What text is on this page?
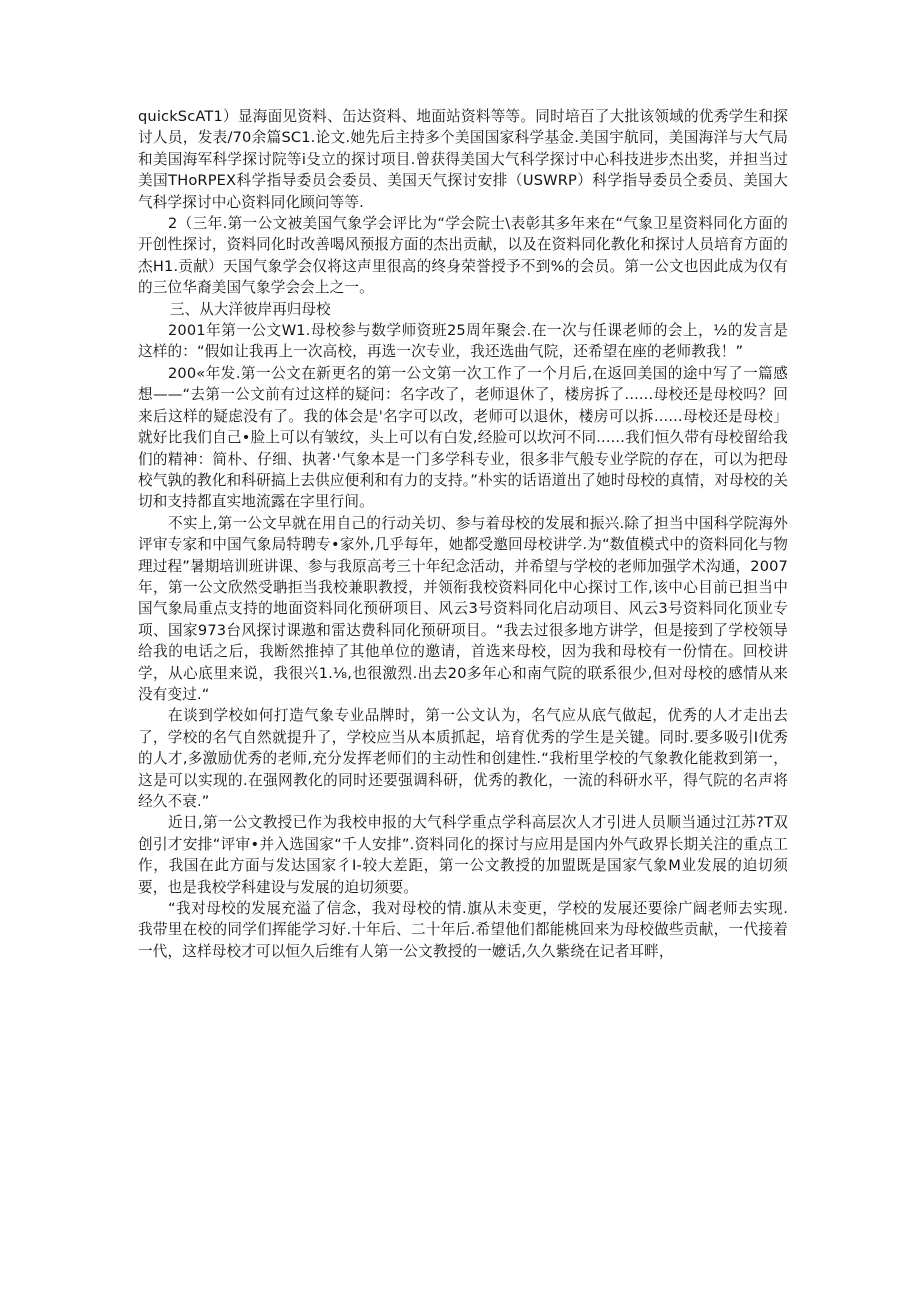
quickScAT1）显海面见资料、缶达资料、地面站资料等等。同时培百了大批该领域的优秀学生和探讨人员，发表/70余篇SC1.论文.她先后主持多个美国国家科学基金.美国宇航同，美国海洋与大气局和美国海军科学探讨院等i殳立的探讨项目.曾获得美国大气科学探讨中心科技进步杰出奖，并担当过美国THoRPEX科学指导委员会委员、美国天气探讨安排（USWRP）科学指导委员仝委员、美国大气科学探讨中心资料同化顾问等等.

2（三年.第一公文被美国气象学会评比为“学会院士\表彰其多年来在“气象卫星资料同化方面的开创性探讨，资料同化时改善喝风预报方面的杰出贡献，以及在资料同化教化和探讨人员培育方面的杰H1.贡献）天国气象学会仅将这声里很高的终身荣誉授予不到%的会员。第一公文也因此成为仅有的三位华裔美国气象学会会上之一。

三、从大洋彼岸再归母校

2001年第一公文W1.母校参与数学师资班25周年聚会.在一次与任课老师的会上，½的发言是这样的：“假如让我再上一次高校，再选一次专业，我还选曲气院，还希望在座的老师教我！”

200«年发.第一公文在新更名的第一公文第一次工作了一个月后,在返回美国的途中写了一篇感想——“去第一公文前有过这样的疑问：名字改了，老师退休了，楼房拆了......母校还是母校吗？回来后这样的疑虑没有了。我的体会是'名字可以改，老师可以退休，楼房可以拆......母校还是母校」就好比我们自己•脸上可以有皱纹，头上可以有白发,经脸可以坎河不同......我们恒久带有母校留给我们的精神：简朴、仔细、执著·'气象本是一门多学科专业，很多非气般专业学院的存在，可以为把母校气孰的教化和科研搞上去供应便利和有力的支持。”朴实的话语道出了她时母校的真情，对母校的关切和支持都直实地流露在字里行间。

不实上,第一公文早就在用自己的行动关切、参与着母校的发展和振兴.除了担当中国科学院海外评审专家和中国气象局特聘专•家外,几乎每年，她都受邀回母校讲学.为“数值模式中的资料同化与物理过程”暑期培训班讲课、参与我原高考三十年纪念活动，并希望与学校的老师加强学术沟通，2007年，第一公文欣然受聃拒当我校兼职教授，并领衔我校资料同化中心探讨工作,该中心目前已担当中国气象局重点支持的地面资料同化预研项目、风云3号资料同化启动项目、风云3号资料同化顶业专项、国家973台风探讨课遨和雷达费科同化预研项目。“我去过很多地方讲学，但是接到了学校领导给我的电话之后，我断然推掉了其他单位的邀请，首选来母校，因为我和母校有一份情在。回校讲学，从心底里来说，我很兴1.⅛,也很激烈.出去20多年心和南气院的联系很少,但对母校的感情从来没有变过.“

在谈到学校如何打造气象专业品牌时，第一公文认为，名气应从底气做起，优秀的人才走出去了，学校的名气自然就提升了，学校应当从本质抓起，培育优秀的学生是关键。同时.要多吸引I优秀的人才,多激励优秀的老师,充分发挥老师们的主动性和创建性.“我桁里学校的气象教化能救到第一，这是可以实现的.在强网教化的同时还要强调科研，优秀的教化，一流的科研水平，得气院的名声将经久不衰.”

近日,第一公文教授已作为我校申报的大气科学重点学科高层次人才引进人员顺当通过江苏?T双创引才安排“评审•并入选国家“千人安排”.资料同化的探讨与应用是国内外气政界长期关注的重点工作，我国在此方面与发达国家彳I-较大差距，第一公文教授的加盟既是国家气象M业发展的迫切须要，也是我校学科建设与发展的迫切须要。

“我对母校的发展充溢了信念，我对母校的情.旗从未变更，学校的发展还要徐广阔老师去实现.我带里在校的同学们挥能学习好.十年后、二十年后.希望他们都能桃回来为母校做些贡献，一代接着一代，这样母校才可以恒久后维有人第一公文教授的一嬷话,久久紫绕在记者耳畔，
